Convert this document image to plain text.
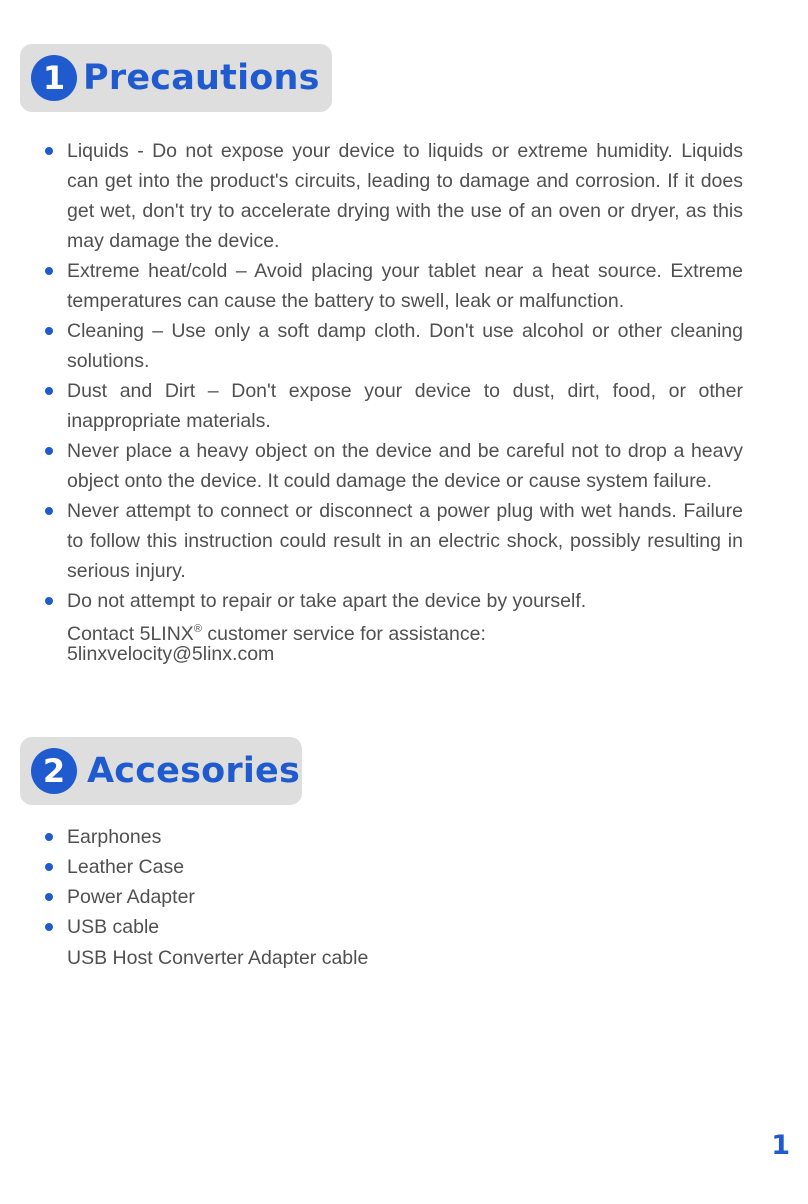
1 Precautions
Liquids - Do not expose your device to liquids or extreme humidity. Liquids can get into the product's circuits, leading to damage and corrosion. If it does get wet, don't try to accelerate drying with the use of an oven or dryer, as this may damage the device.
Extreme heat/cold – Avoid placing your tablet near a heat source. Extreme temperatures can cause the battery to swell, leak or malfunction.
Cleaning – Use only a soft damp cloth. Don't use alcohol or other cleaning solutions.
Dust and Dirt – Don't expose your device to dust, dirt, food, or other inappropriate materials.
Never place a heavy object on the device and be careful not to drop a heavy object onto the device. It could damage the device or cause system failure.
Never attempt to connect or disconnect a power plug with wet hands. Failure to follow this instruction could result in an electric shock, possibly resulting in serious injury.
Do not attempt to repair or take apart the device by yourself.
Contact 5LINX® customer service for assistance:
5linxvelocity@5linx.com
2 Accesories
Earphones
Leather Case
Power Adapter
USB cable
USB Host Converter Adapter cable
1
